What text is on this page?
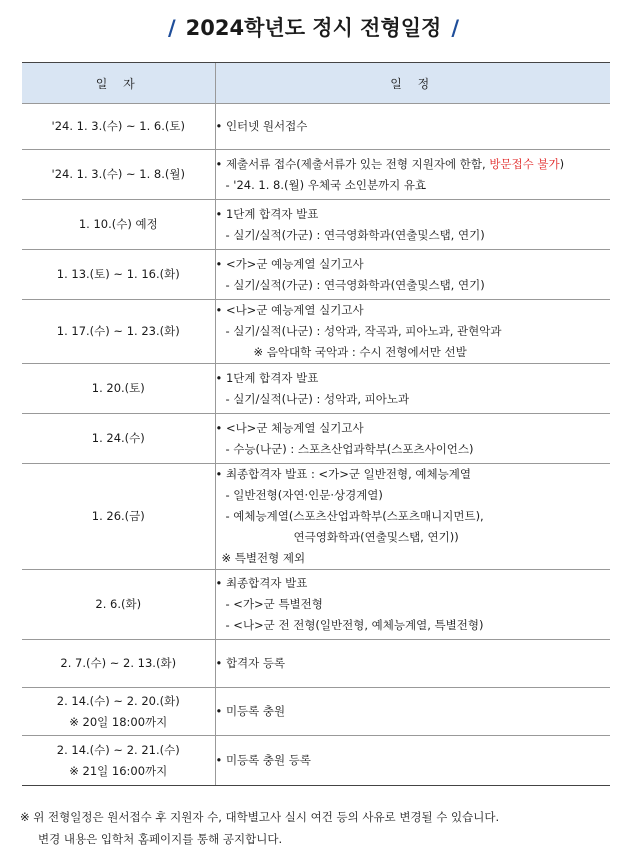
/ 2024학년도 정시 전형일정 /
일 자	일 정

'24. 1. 3.(수) ~ 1. 6.(토)	• 인터넷 원서접수

'24. 1. 3.(수) ~ 1. 8.(월)	• 제출서류 접수(제출서류가 있는 전형 지원자에 한함, 방문접수 불가)
- '24. 1. 8.(월) 우체국 소인분까지 유효

1. 10.(수) 예정	• 1단계 합격자 발표
- 실기/실적(가군) : 연극영화학과(연출및스탭, 연기)

1. 13.(토) ~ 1. 16.(화)	• <가>군 예능계열 실기고사
- 실기/실적(가군) : 연극영화학과(연출및스탭, 연기)

1. 17.(수) ~ 1. 23.(화)	• <나>군 예능계열 실기고사
- 실기/실적(나군) : 성악과, 작곡과, 피아노과, 관현악과
※ 음악대학 국악과 : 수시 전형에서만 선발

1. 20.(토)	• 1단계 합격자 발표
- 실기/실적(나군) : 성악과, 피아노과

1. 24.(수)	• <나>군 체능계열 실기고사
- 수능(나군) : 스포츠산업과학부(스포츠사이언스)

1. 26.(금)	• 최종합격자 발표 : <가>군 일반전형, 예체능계열
- 일반전형(자연·인문·상경계열)
- 예체능계열(스포츠산업과학부(스포츠매니지먼트),
연극영화학과(연출및스탭, 연기))
※ 특별전형 제외

2. 6.(화)	• 최종합격자 발표
- <가>군 특별전형
- <나>군 전 전형(일반전형, 예체능계열, 특별전형)

2. 7.(수) ~ 2. 13.(화)	• 합격자 등록

2. 14.(수) ~ 2. 20.(화)
※ 20일 18:00까지	• 미등록 충원

2. 14.(수) ~ 2. 21.(수)
※ 21일 16:00까지	• 미등록 충원 등록
※ 위 전형일정은 원서접수 후 지원자 수, 대학별고사 실시 여건 등의 사유로 변경될 수 있습니다.
변경 내용은 입학처 홈페이지를 통해 공지합니다.
